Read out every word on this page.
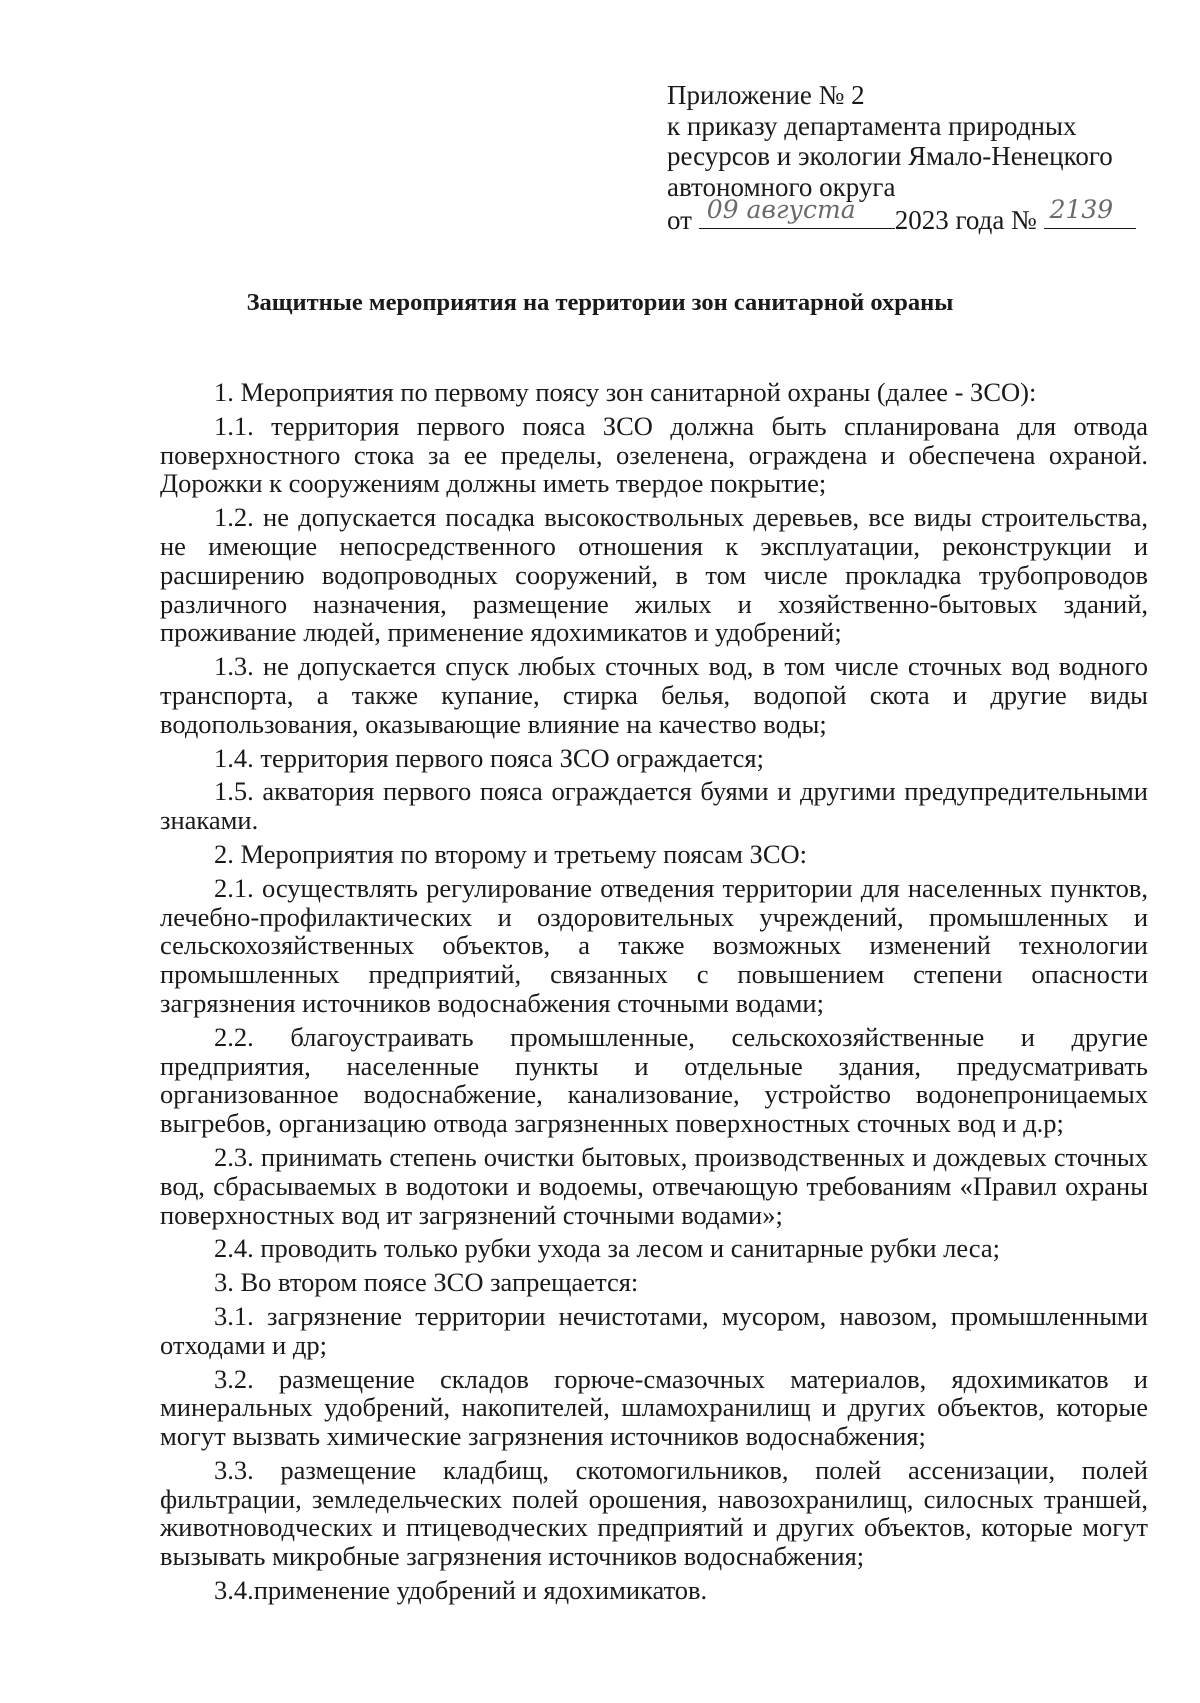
Приложение № 2
к приказу департамента природных
ресурсов и экологии Ямало-Ненецкого
автономного округа
от 09 августа 2023 года № 2139
Защитные мероприятия на территории зон санитарной охраны

1. Мероприятия по первому поясу зон санитарной охраны (далее - ЗСО):

1.1. территория первого пояса ЗСО должна быть спланирована для отвода поверхностного стока за ее пределы, озеленена, ограждена и обеспечена охраной. Дорожки к сооружениям должны иметь твердое покрытие;

1.2. не допускается посадка высокоствольных деревьев, все виды строительства, не имеющие непосредственного отношения к эксплуатации, реконструкции и расширению водопроводных сооружений, в том числе прокладка трубопроводов различного назначения, размещение жилых и хозяйственно-бытовых зданий, проживание людей, применение ядохимикатов и удобрений;

1.3. не допускается спуск любых сточных вод, в том числе сточных вод водного транспорта, а также купание, стирка белья, водопой скота и другие виды водопользования, оказывающие влияние на качество воды;

1.4. территория первого пояса ЗСО ограждается;

1.5. акватория первого пояса ограждается буями и другими предупредительными знаками.

2. Мероприятия по второму и третьему поясам ЗСО:

2.1. осуществлять регулирование отведения территории для населенных пунктов, лечебно-профилактических и оздоровительных учреждений, промышленных и сельскохозяйственных объектов, а также возможных изменений технологии промышленных предприятий, связанных с повышением степени опасности загрязнения источников водоснабжения сточными водами;

2.2. благоустраивать промышленные, сельскохозяйственные и другие предприятия, населенные пункты и отдельные здания, предусматривать организованное водоснабжение, канализование, устройство водонепроницаемых выгребов, организацию отвода загрязненных поверхностных сточных вод и д.р;

2.3. принимать степень очистки бытовых, производственных и дождевых сточных вод, сбрасываемых в водотоки и водоемы, отвечающую требованиям «Правил охраны поверхностных вод ит загрязнений сточными водами»;

2.4. проводить только рубки ухода за лесом и санитарные рубки леса;

3. Во втором поясе ЗСО запрещается:

3.1. загрязнение территории нечистотами, мусором, навозом, промышленными отходами и др;

3.2. размещение складов горюче-смазочных материалов, ядохимикатов и минеральных удобрений, накопителей, шламохранилищ и других объектов, которые могут вызвать химические загрязнения источников водоснабжения;

3.3. размещение кладбищ, скотомогильников, полей ассенизации, полей фильтрации, земледельческих полей орошения, навозохранилищ, силосных траншей, животноводческих и птицеводческих предприятий и других объектов, которые могут вызывать микробные загрязнения источников водоснабжения;

3.4.применение удобрений и ядохимикатов.
